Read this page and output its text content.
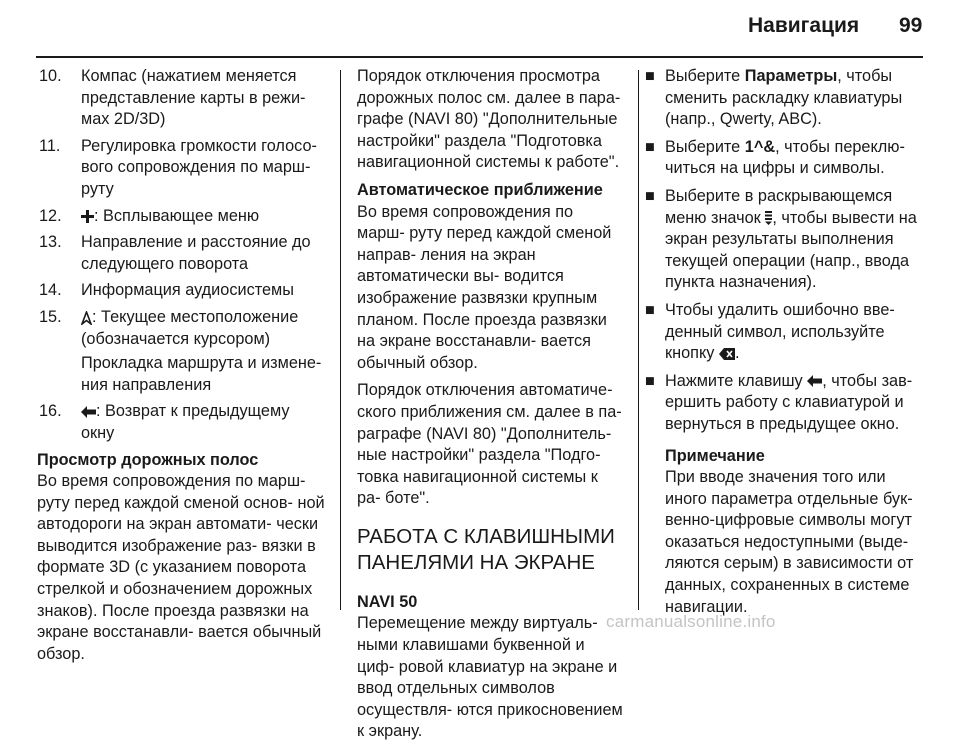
Навигация 99
10.	Компас (нажатием меняется представление карты в режи- мах 2D/3D)
11.	Регулировка громкости голосо- вого сопровождения по марш- руту
12.	: Всплывающее меню
13.	Направление и расстояние до следующего поворота
14.	Информация аудиосистемы
15.	: Текущее местоположение (обозначается курсором)
Прокладка маршрута и измене- ния направления
16.	: Возврат к предыдущему окну
Просмотр дорожных полос

Во время сопровождения по марш- руту перед каждой сменой основ- ной автодороги на экран автомати- чески выводится изображение раз- вязки в формате 3D (с указанием поворота стрелкой и обозначением дорожных знаков). После проезда развязки на экране восстанавли- вается обычный обзор.

Порядок отключения просмотра дорожных полос см. далее в пара- графе (NAVI 80) "Дополнительные настройки" раздела "Подготовка навигационной системы к работе".

Автоматическое приближение

Во время сопровождения по марш- руту перед каждой сменой направ- ления на экран автоматически вы- водится изображение развязки крупным планом. После проезда развязки на экране восстанавли- вается обычный обзор.

Порядок отключения автоматиче- ского приближения см. далее в па- раграфе (NAVI 80) "Дополнитель- ные настройки" раздела "Подго- товка навигационной системы к ра- боте".

РАБОТА С КЛАВИШНЫМИ ПАНЕЛЯМИ НА ЭКРАНЕ
NAVI 50

Перемещение между виртуаль- ными клавишами буквенной и циф- ровой клавиатур на экране и ввод отдельных символов осуществля- ются прикосновением к экрану.

■ Выберите Параметры, чтобы сменить раскладку клавиатуры (напр., Qwerty, ABC).
■ Выберите 1^&, чтобы переклю- читься на цифры и символы.
■ Выберите в раскрывающемся меню значок , чтобы вывести на экран результаты выполнения текущей операции (напр., ввода пункта назначения).
■ Чтобы удалить ошибочно вве- денный символ, используйте кнопку .
■ Нажмите клавишу , чтобы зав- ершить работу с клавиатурой и вернуться в предыдущее окно.
Примечание
При вводе значения того или иного параметра отдельные бук- венно-цифровые символы могут оказаться недоступными (выде- ляются серым) в зависимости от данных, сохраненных в системе навигации.
carmanualsonline.info
